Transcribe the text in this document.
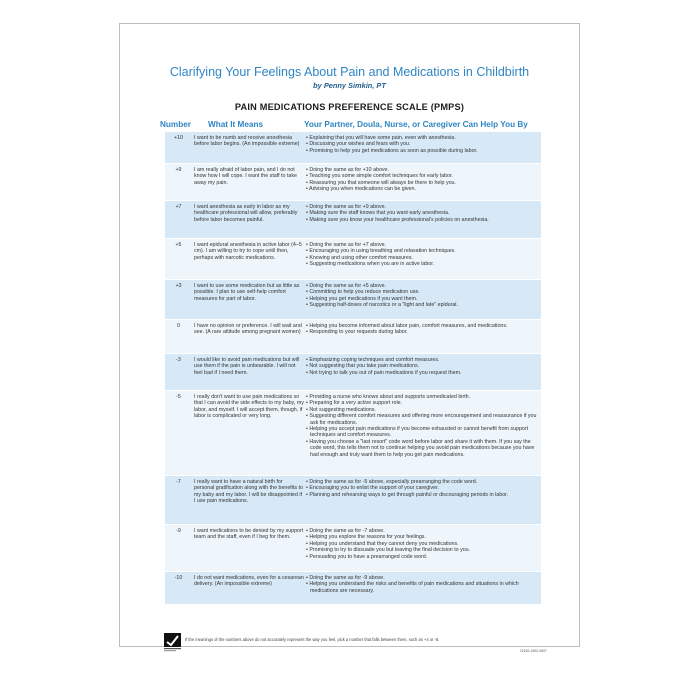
Clarifying Your Feelings About Pain and Medications in Childbirth
by Penny Simkin, PT
PAIN MEDICATIONS PREFERENCE SCALE (PMPS)
Number What It Means	Your Partner, Doula, Nurse, or Caregiver Can Help You By
+10	I want to be numb and receive anesthesia before labor begins. (An impossible extreme)
• Explaining that you will have some pain, even with anesthesia.
• Discussing your wishes and fears with you.
• Promising to help you get medications as soon as possible during labor.
+9	I am really afraid of labor pain, and I do not know how I will cope. I want the staff to take away my pain.
• Doing the same as for +10 above.
• Teaching you some simple comfort techniques for early labor.
• Reassuring you that someone will always be there to help you.
• Advising you when medications can be given.
+7	I want anesthesia as early in labor as my healthcare professional will allow, preferably before labor becomes painful.
• Doing the same as for +9 above.
• Making sure the staff knows that you want early anesthesia.
• Making sure you know your healthcare professional's policies on anesthesia.
+5	I want epidural anesthesia in active labor (4–5 cm). I am willing to try to cope until then, perhaps with narcotic medications.
• Doing the same as for +7 above.
• Encouraging you in using breathing and relaxation techniques.
• Knowing and using other comfort measures.
• Suggesting medications when you are in active labor.
+3	I want to use some medication but as little as possible. I plan to use self-help comfort measures for part of labor.
• Doing the same as for +5 above.
• Committing to help you reduce medication use.
• Helping you get medications if you want them.
• Suggesting half-doses of narcotics or a "light and late" epidural.
0	I have no opinion or preference. I will wait and see. (A rare attitude among pregnant women)
• Helping you become informed about labor pain, comfort measures, and medications.
• Responding to your requests during labor.
-3	I would like to avoid pain medications but will use them if the pain is unbearable. I will not feel bad if I need them.
• Emphasizing coping techniques and comfort measures.
• Not suggesting that you take pain medications.
• Not trying to talk you out of pain medications if you request them.
-5	I really don't want to use pain medications so that I can avoid the side effects to my baby, my labor, and myself. I will accept them, though, if labor is complicated or very long.
• Providing a nurse who knows about and supports unmedicated birth.
• Preparing for a very active support role.
• Not suggesting medications.
• Suggesting different comfort measures and offering more encouragement and reassurance if you ask for medications.
• Helping you accept pain medications if you become exhausted or cannot benefit from support techniques and comfort measures.
• Having you choose a "last resort" code word before labor and share it with them. If you say the code word, this tells them not to continue helping you avoid pain medications because you have had enough and truly want them to help you get pain medications.
-7	I really want to have a natural birth for personal gratification along with the benefits to my baby and my labor. I will be disappointed if I use pain medications.
• Doing the same as for -5 above, especially prearranging the code word.
• Encouraging you to enlist the support of your caregiver.
• Planning and rehearsing ways to get through painful or discouraging periods in labor.
-9	I want medications to be denied by my support team and the staff, even if I beg for them.
• Doing the same as for -7 above.
• Helping you explore the reasons for your feelings.
• Helping you understand that they cannot deny you medications.
• Promising to try to dissuade you but leaving the final decision to you.
• Persuading you to have a prearranged code word.
-10	I do not want medications, even for a cesarean delivery. (An impossible extreme)
• Doing the same as for -9 above.
• Helping you understand the risks and benefits of pain medications and situations in which medications are necessary.
If the meanings of the numbers above do not accurately represent the way you feel, pick a number that falls between them, such as +4 or -8.
22152-1902-0607
